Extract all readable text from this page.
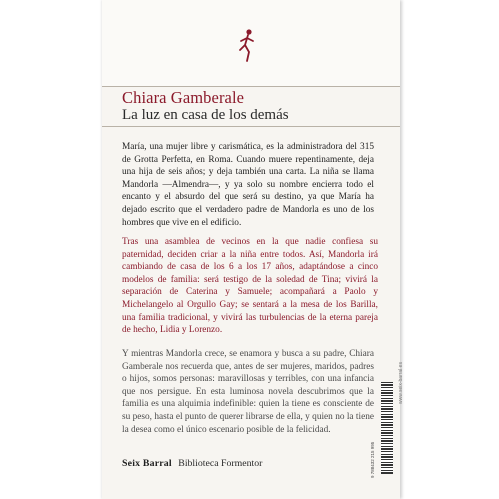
Chiara Gamberale
La luz en casa de los demás

María, una mujer libre y carismática, es la administradora del 315 de Grotta Perfetta, en Roma. Cuando muere repentinamente, deja una hija de seis años; y deja también una carta. La niña se llama Mandorla —Almendra—, y ya solo su nombre encierra todo el encanto y el absurdo del que será su destino, ya que María ha dejado escrito que el verdadero padre de Mandorla es uno de los hombres que vive en el edificio.

Tras una asamblea de vecinos en la que nadie confiesa su paternidad, deciden criar a la niña entre todos. Así, Mandorla irá cambiando de casa de los 6 a los 17 años, adaptándose a cinco modelos de familia: será testigo de la soledad de Tina; vivirá la separación de Caterina y Samuele; acompañará a Paolo y Michelangelo al Orgullo Gay; se sentará a la mesa de los Barilla, una familia tradicional, y vivirá las turbulencias de la eterna pareja de hecho, Lidia y Lorenzo.

Y mientras Mandorla crece, se enamora y busca a su padre, Chiara Gamberale nos recuerda que, antes de ser mujeres, maridos, padres o hijos, somos personas: maravillosas y terribles, con una infancia que nos persigue. En esta luminosa novela descubrimos que la familia es una alquimia indefinible: quien la tiene es consciente de su peso, hasta el punto de querer librarse de ella, y quien no la tiene la desea como el único escenario posible de la felicidad.

Seix Barral Biblioteca Formentor	9 788432 215 995
www.seix-barral.es
